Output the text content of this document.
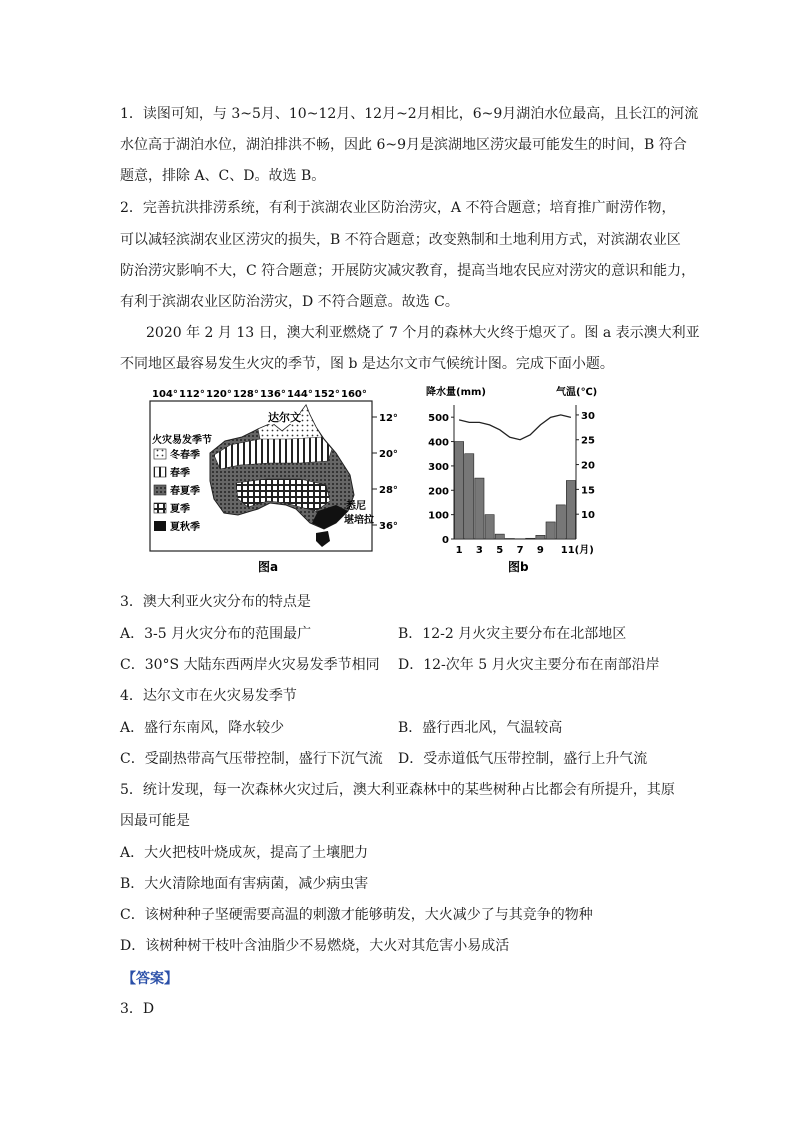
1．读图可知，与 3~5月、10~12月、12月~2月相比，6~9月湖泊水位最高，且长江的河流
水位高于湖泊水位，湖泊排洪不畅，因此 6~9月是滨湖地区涝灾最可能发生的时间，B 符合
题意，排除 A、C、D。故选 B。
2．完善抗洪排涝系统，有利于滨湖农业区防治涝灾，A 不符合题意；培育推广耐涝作物，
可以减轻滨湖农业区涝灾的损失，B 不符合题意；改变熟制和土地利用方式，对滨湖农业区
防治涝灾影响不大，C 符合题意；开展防灾减灾教育，提高当地农民应对涝灾的意识和能力，
有利于滨湖农业区防治涝灾，D 不符合题意。故选 C。
2020 年 2 月 13 日，澳大利亚燃烧了 7 个月的森林大火终于熄灭了。图 a 表示澳大利亚
不同地区最容易发生火灾的季节，图 b 是达尔文市气候统计图。完成下面小题。
104° 112° 120° 128° 136° 144° 152° 160°
12°
20°
28°
36°
达尔文
悉尼
堪培拉
火灾易发季节
冬春季
春季
春夏季
夏季
夏秋季
图a
降水量(mm)	气温(℃)
500
400
300
200
100
0
30
25
20
15
10
1 3 5 7 9 11(月)
图b
3．澳大利亚火灾分布的特点是
A．3-5 月火灾分布的范围最广	B．12-2 月火灾主要分布在北部地区
C．30°S 大陆东西两岸火灾易发季节相同 D．12-次年 5 月火灾主要分布在南部沿岸
4．达尔文市在火灾易发季节
A．盛行东南风，降水较少	B．盛行西北风，气温较高
C．受副热带高气压带控制，盛行下沉气流 D．受赤道低气压带控制，盛行上升气流
5．统计发现，每一次森林火灾过后，澳大利亚森林中的某些树种占比都会有所提升，其原
因最可能是
A．大火把枝叶烧成灰，提高了土壤肥力
B．大火清除地面有害病菌，减少病虫害
C．该树种种子坚硬需要高温的刺激才能够萌发，大火减少了与其竞争的物种
D．该树种树干枝叶含油脂少不易燃烧，大火对其危害小易成活
【答案】
3．D
